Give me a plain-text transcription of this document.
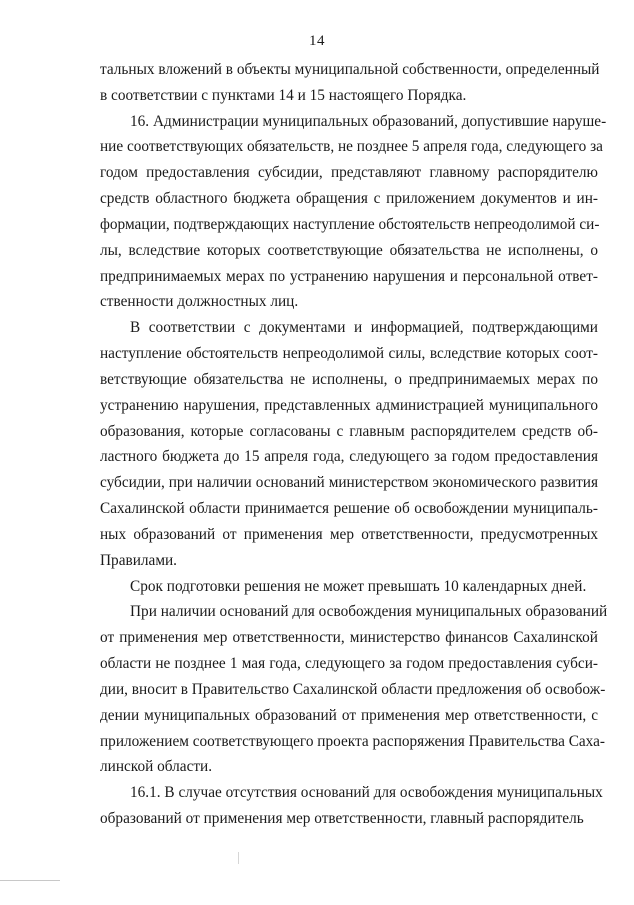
14
тальных вложений в объекты муниципальной собственности, определенный
в соответствии с пунктами 14 и 15 настоящего Порядка.
16. Администрации муниципальных образований, допустившие наруше-
ние соответствующих обязательств, не позднее 5 апреля года, следующего за
годом предоставления субсидии, представляют главному распорядителю
средств областного бюджета обращения с приложением документов и ин-
формации, подтверждающих наступление обстоятельств непреодолимой си-
лы, вследствие которых соответствующие обязательства не исполнены, о
предпринимаемых мерах по устранению нарушения и персональной ответ-
ственности должностных лиц.
В соответствии с документами и информацией, подтверждающими
наступление обстоятельств непреодолимой силы, вследствие которых соот-
ветствующие обязательства не исполнены, о предпринимаемых мерах по
устранению нарушения, представленных администрацией муниципального
образования, которые согласованы с главным распорядителем средств об-
ластного бюджета до 15 апреля года, следующего за годом предоставления
субсидии, при наличии оснований министерством экономического развития
Сахалинской области принимается решение об освобождении муниципаль-
ных образований от применения мер ответственности, предусмотренных
Правилами.
Срок подготовки решения не может превышать 10 календарных дней.
При наличии оснований для освобождения муниципальных образований
от применения мер ответственности, министерство финансов Сахалинской
области не позднее 1 мая года, следующего за годом предоставления субси-
дии, вносит в Правительство Сахалинской области предложения об освобож-
дении муниципальных образований от применения мер ответственности, с
приложением соответствующего проекта распоряжения Правительства Саха-
линской области.
16.1. В случае отсутствия оснований для освобождения муниципальных
образований от применения мер ответственности, главный распорядитель
